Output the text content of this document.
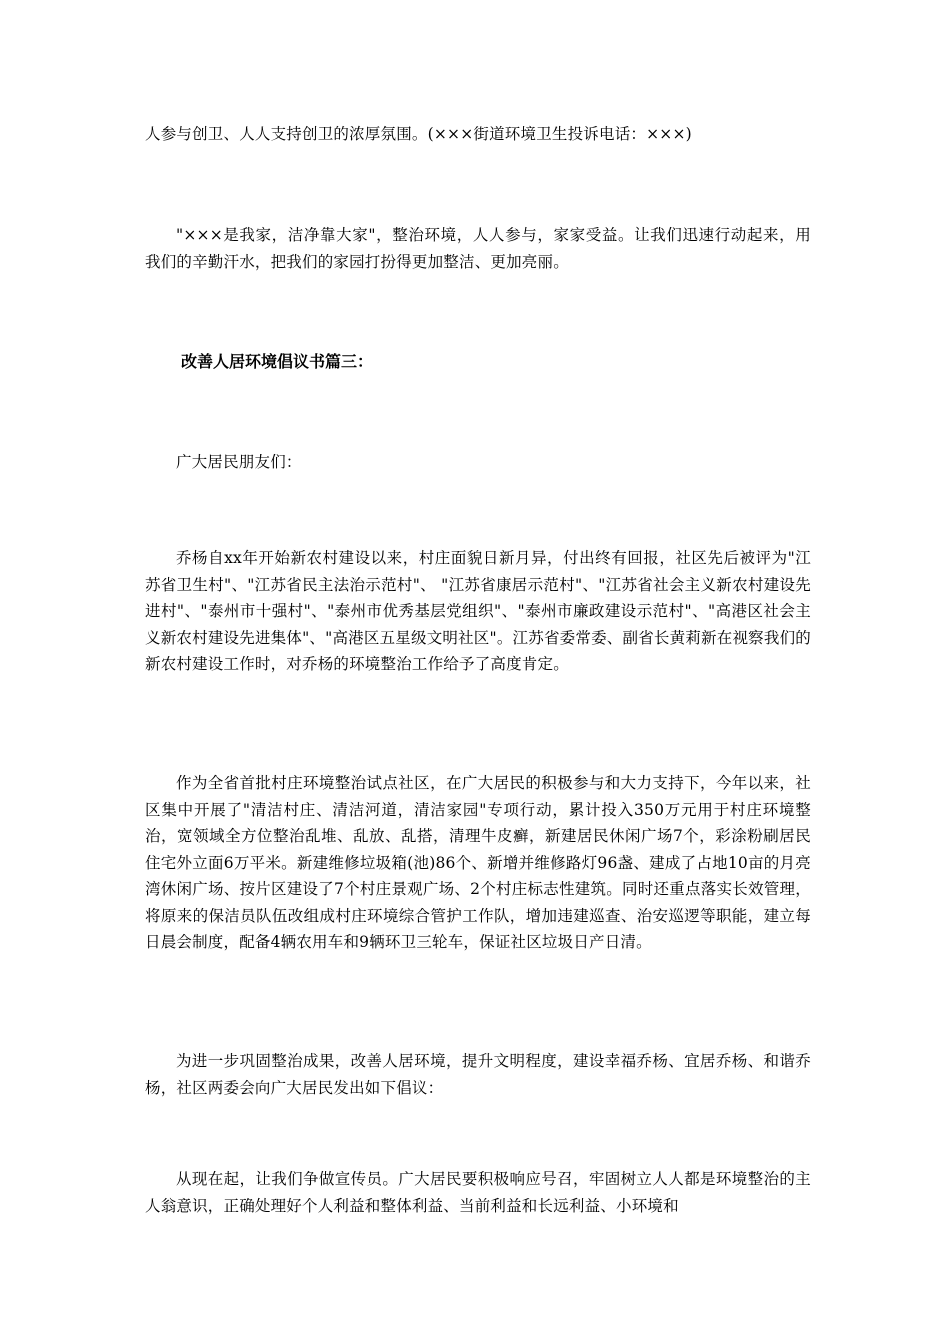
人参与创卫、人人支持创卫的浓厚氛围。(×××街道环境卫生投诉电话：×××)

"×××是我家，洁净靠大家"，整治环境，人人参与，家家受益。让我们迅速行动起来，用我们的辛勤汗水，把我们的家园打扮得更加整洁、更加亮丽。

改善人居环境倡议书篇三：

广大居民朋友们：

乔杨自xx年开始新农村建设以来，村庄面貌日新月异，付出终有回报，社区先后被评为"江苏省卫生村"、"江苏省民主法治示范村"、 "江苏省康居示范村"、"江苏省社会主义新农村建设先进村"、"泰州市十强村"、"泰州市优秀基层党组织"、"泰州市廉政建设示范村"、"高港区社会主义新农村建设先进集体"、"高港区五星级文明社区"。江苏省委常委、副省长黄莉新在视察我们的新农村建设工作时，对乔杨的环境整治工作给予了高度肯定。

作为全省首批村庄环境整治试点社区，在广大居民的积极参与和大力支持下，今年以来，社区集中开展了"清洁村庄、清洁河道，清洁家园"专项行动，累计投入350万元用于村庄环境整治，宽领域全方位整治乱堆、乱放、乱搭，清理牛皮癣，新建居民休闲广场7个，彩涂粉刷居民住宅外立面6万平米。新建维修垃圾箱(池)86个、新增并维修路灯96盏、建成了占地10亩的月亮湾休闲广场、按片区建设了7个村庄景观广场、2个村庄标志性建筑。同时还重点落实长效管理，将原来的保洁员队伍改组成村庄环境综合管护工作队，增加违建巡查、治安巡逻等职能，建立每日晨会制度，配备4辆农用车和9辆环卫三轮车，保证社区垃圾日产日清。

为进一步巩固整治成果，改善人居环境，提升文明程度，建设幸福乔杨、宜居乔杨、和谐乔杨，社区两委会向广大居民发出如下倡议：

从现在起，让我们争做宣传员。广大居民要积极响应号召，牢固树立人人都是环境整治的主人翁意识，正确处理好个人利益和整体利益、当前利益和长远利益、小环境和
